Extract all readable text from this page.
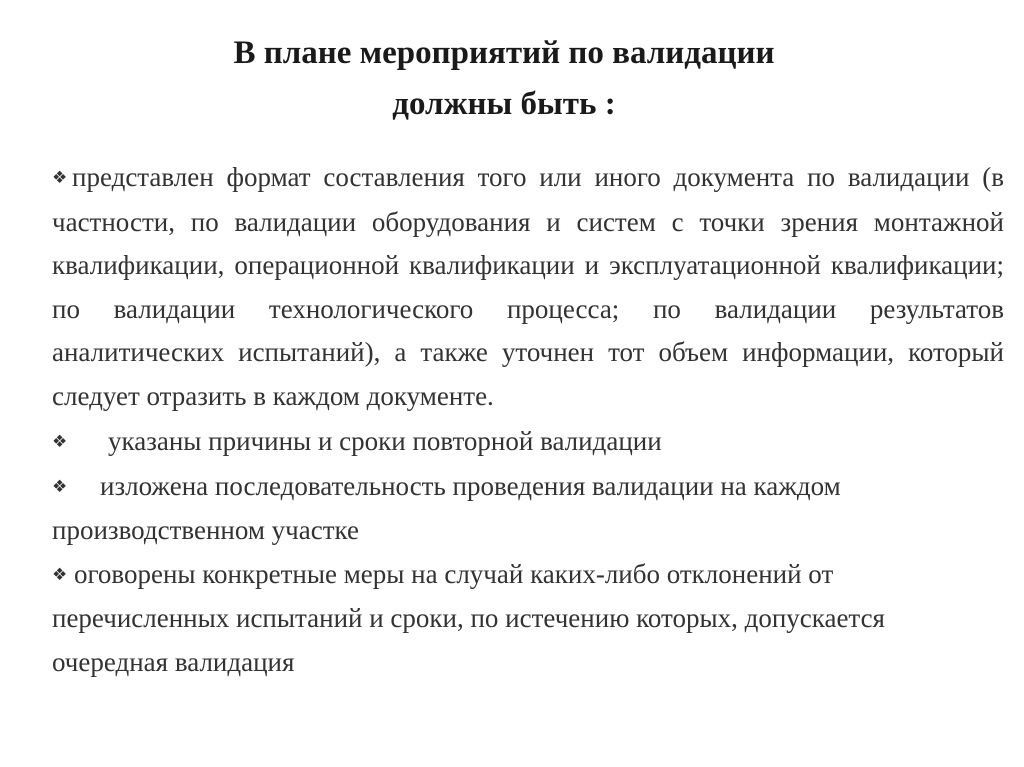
В плане мероприятий по валидации
должны быть :

❖ представлен формат составления того или иного документа по валидации (в частности, по валидации оборудования и систем с точки зрения монтажной квалификации, операционной квалификации и эксплуатационной квалификации; по валидации технологического процесса; по валидации результатов аналитических испытаний), а также уточнен тот объем информации, который следует отразить в каждом документе.

❖ указаны причины и сроки повторной валидации

❖ изложена последовательность проведения валидации на каждом производственном участке

❖ оговорены конкретные меры на случай каких-либо отклонений от перечисленных испытаний и сроки, по истечению которых, допускается очередная валидация
